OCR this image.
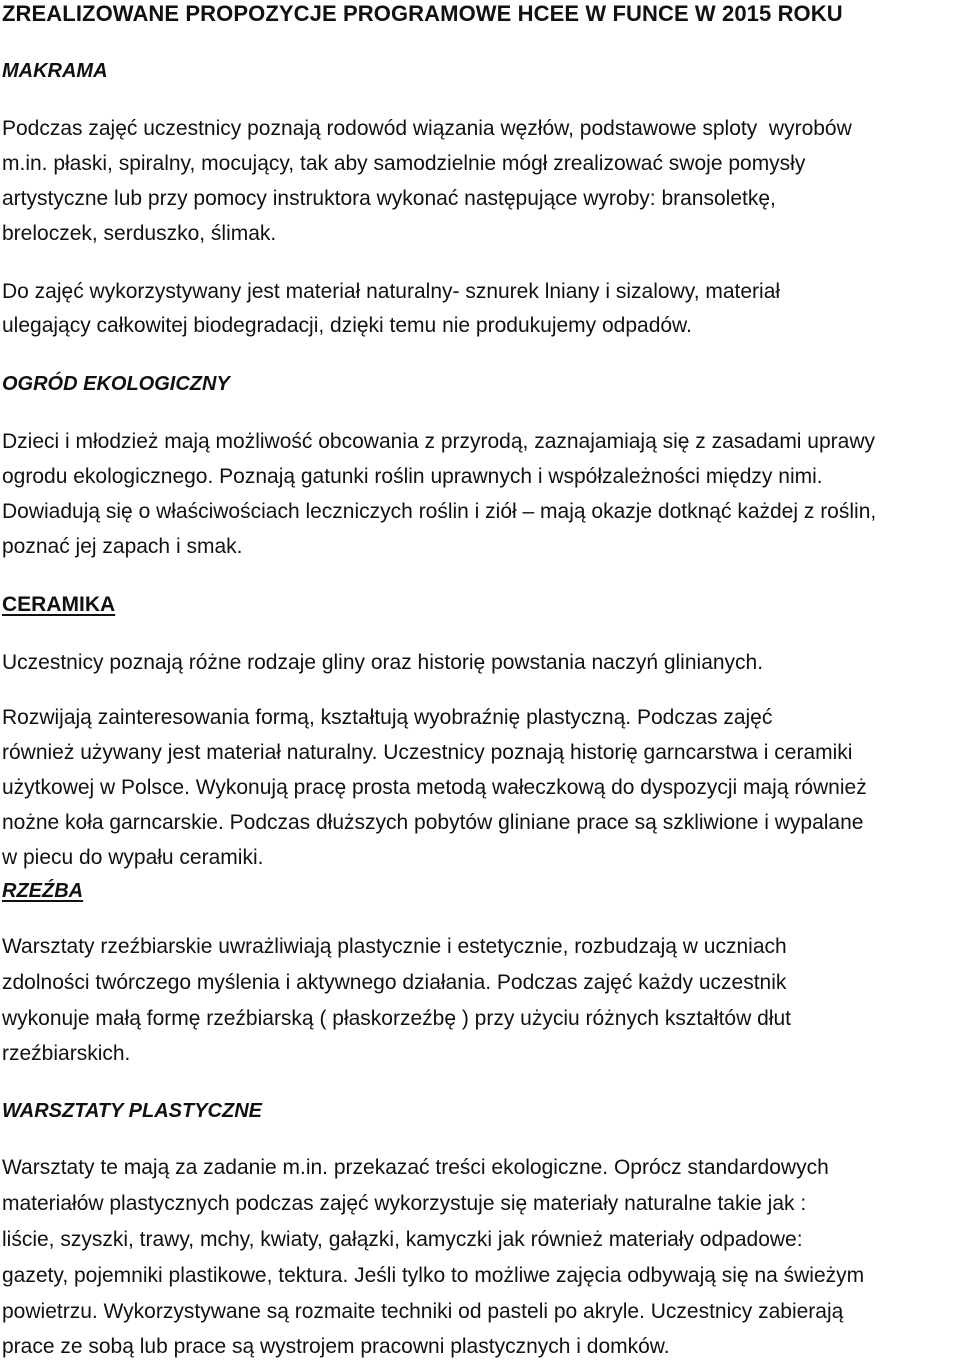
ZREALIZOWANE PROPOZYCJE PROGRAMOWE HCEE W FUNCE W 2015 ROKU
MAKRAMA

Podczas zajęć uczestnicy poznają rodowód wiązania węzłów, podstawowe sploty  wyrobów

m.in. płaski, spiralny, mocujący, tak aby samodzielnie mógł zrealizować swoje pomysły

artystyczne lub przy pomocy instruktora wykonać następujące wyroby: bransoletkę,

breloczek, serduszko, ślimak.

Do zajęć wykorzystywany jest materiał naturalny- sznurek lniany i sizalowy, materiał

ulegający całkowitej biodegradacji, dzięki temu nie produkujemy odpadów.

OGRÓD EKOLOGICZNY

Dzieci i młodzież mają możliwość obcowania z przyrodą, zaznajamiają się z zasadami uprawy

ogrodu ekologicznego. Poznają gatunki roślin uprawnych i współzależności między nimi.

Dowiadują się o właściwościach leczniczych roślin i ziół – mają okazje dotknąć każdej z roślin,

poznać jej zapach i smak.

CERAMIKA

Uczestnicy poznają różne rodzaje gliny oraz historię powstania naczyń glinianych.

Rozwijają zainteresowania formą, kształtują wyobraźnię plastyczną. Podczas zajęć

również używany jest materiał naturalny. Uczestnicy poznają historię garncarstwa i ceramiki

użytkowej w Polsce. Wykonują pracę prosta metodą wałeczkową do dyspozycji mają również

nożne koła garncarskie. Podczas dłuższych pobytów gliniane prace są szkliwione i wypalane

w piecu do wypału ceramiki.

RZEŹBA

Warsztaty rzeźbiarskie uwrażliwiają plastycznie i estetycznie, rozbudzają w uczniach

zdolności twórczego myślenia i aktywnego działania. Podczas zajęć każdy uczestnik

wykonuje małą formę rzeźbiarską ( płaskorzeźbę ) przy użyciu różnych kształtów dłut

rzeźbiarskich.

WARSZTATY PLASTYCZNE

Warsztaty te mają za zadanie m.in. przekazać treści ekologiczne. Oprócz standardowych

materiałów plastycznych podczas zajęć wykorzystuje się materiały naturalne takie jak :

liście, szyszki, trawy, mchy, kwiaty, gałązki, kamyczki jak również materiały odpadowe:

gazety, pojemniki plastikowe, tektura. Jeśli tylko to możliwe zajęcia odbywają się na świeżym

powietrzu. Wykorzystywane są rozmaite techniki od pasteli po akryle. Uczestnicy zabierają

prace ze sobą lub prace są wystrojem pracowni plastycznych i domków.
